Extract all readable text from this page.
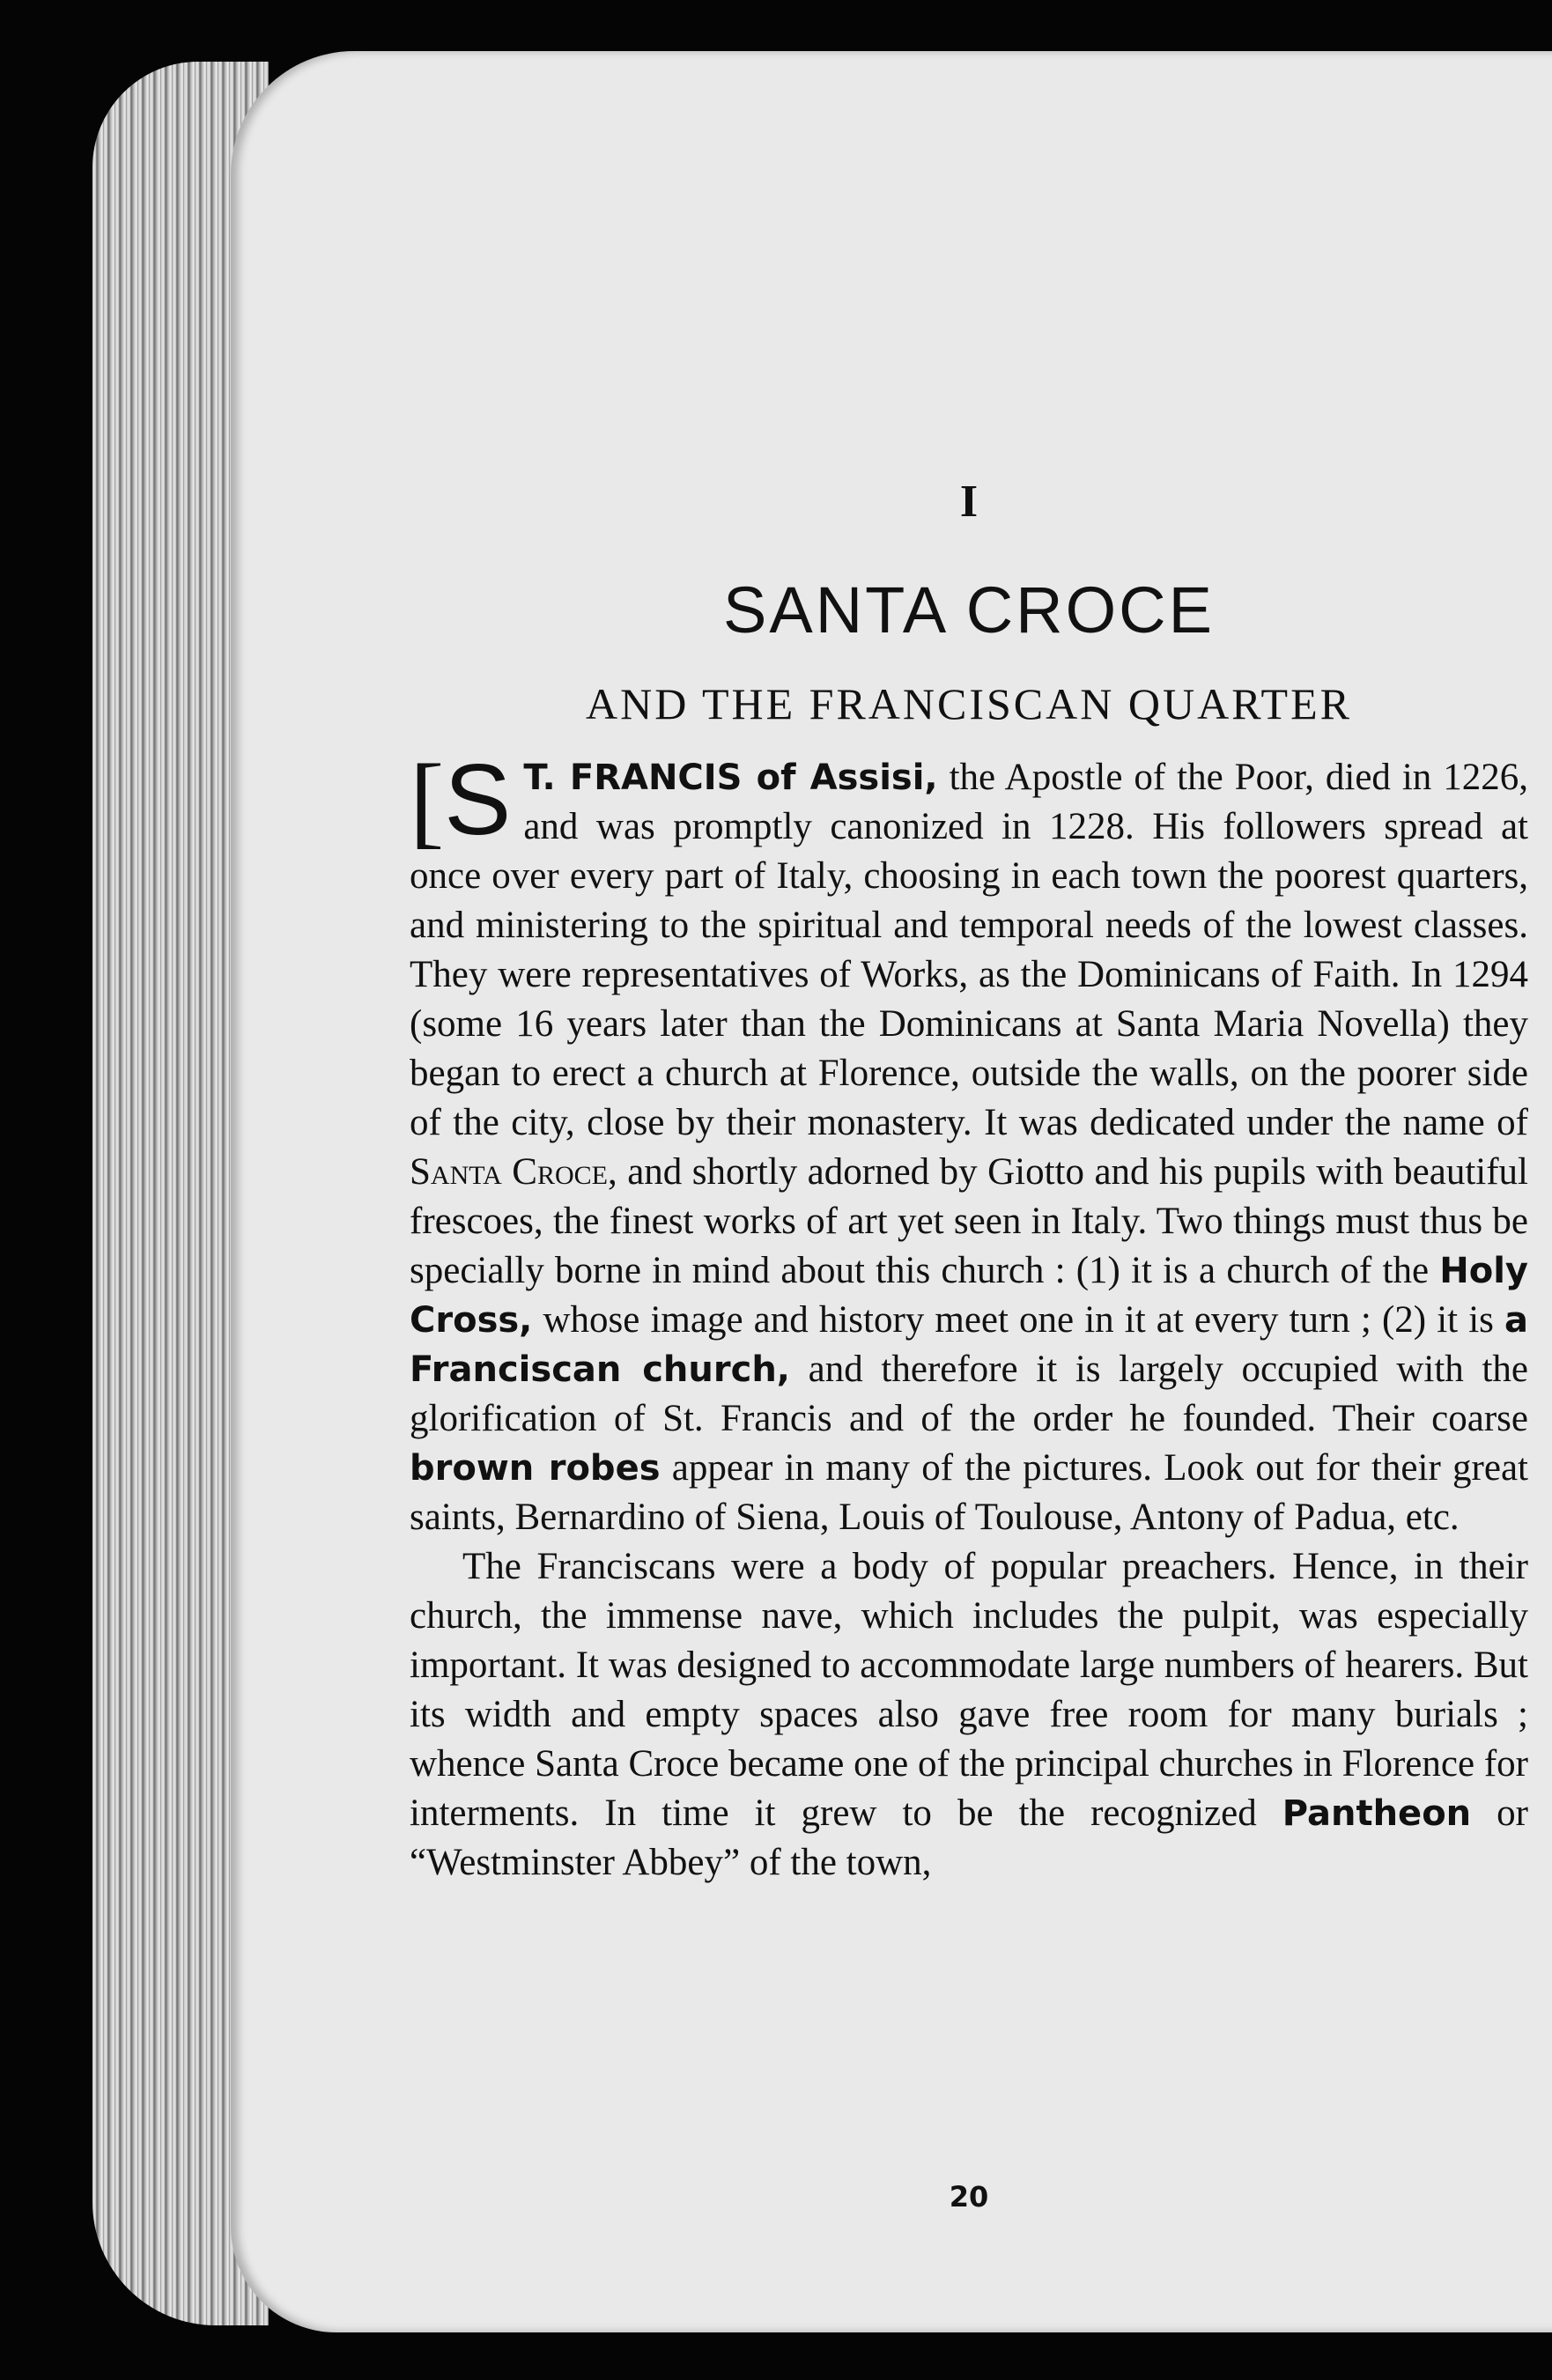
I
SANTA CROCE
AND THE FRANCISCAN QUARTER

[ S T. FRANCIS of Assisi, the Apostle of the Poor, died in 1226, and was promptly canonized in 1228. His followers spread at once over every part of Italy, choosing in each town the poorest quarters, and ministering to the spiritual and temporal needs of the lowest classes. They were representatives of Works, as the Dominicans of Faith. In 1294 (some 16 years later than the Dominicans at Santa Maria Novella) they began to erect a church at Florence, outside the walls, on the poorer side of the city, close by their monastery. It was dedicated under the name of Santa Croce, and shortly adorned by Giotto and his pupils with beautiful frescoes, the finest works of art yet seen in Italy. Two things must thus be specially borne in mind about this church : (1) it is a church of the Holy Cross, whose image and history meet one in it at every turn ; (2) it is a Franciscan church, and therefore it is largely occupied with the glorification of St. Francis and of the order he founded. Their coarse brown robes appear in many of the pictures. Look out for their great saints, Bernardino of Siena, Louis of Toulouse, Antony of Padua, etc.

The Franciscans were a body of popular preachers. Hence, in their church, the immense nave, which includes the pulpit, was especially important. It was designed to accommodate large numbers of hearers. But its width and empty spaces also gave free room for many burials ; whence Santa Croce became one of the principal churches in Florence for interments. In time it grew to be the recognized Pantheon or “Westminster Abbey” of the town,

20
